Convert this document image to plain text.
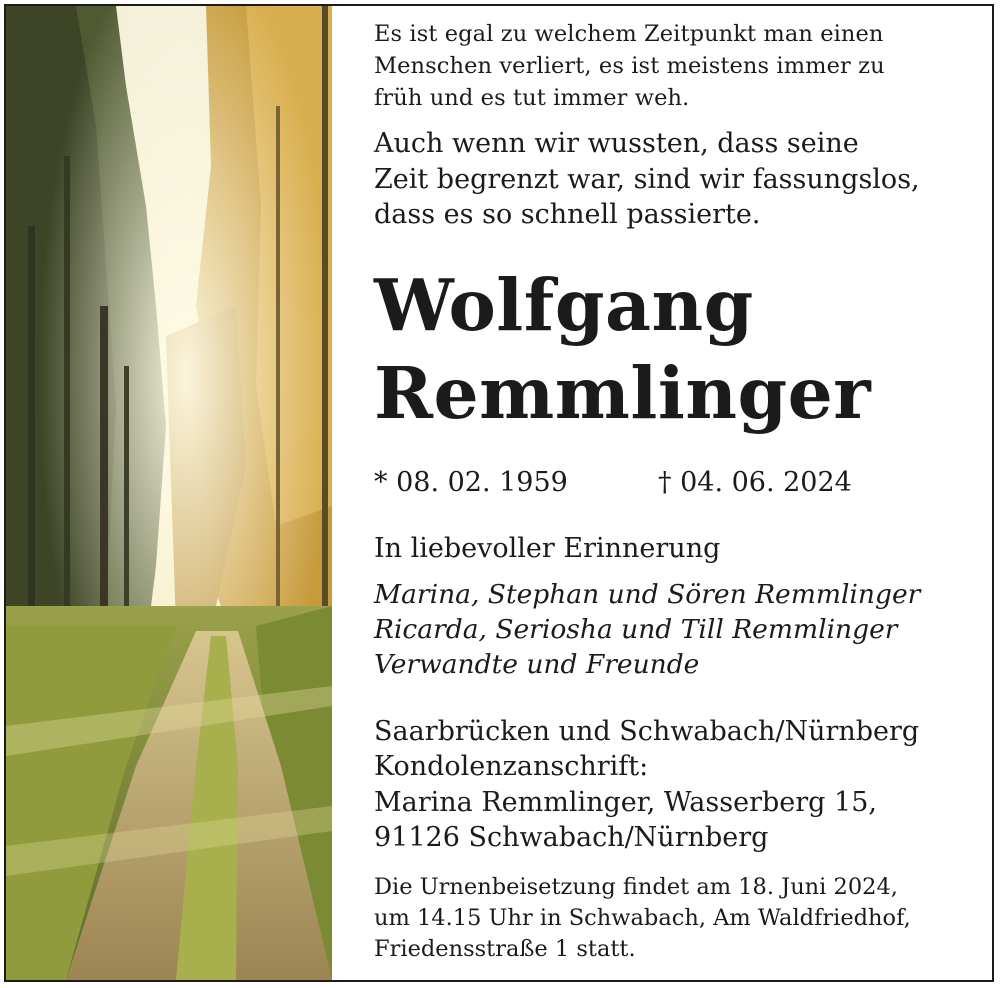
Es ist egal zu welchem Zeitpunkt man einen

Menschen verliert, es ist meistens immer zu

früh und es tut immer weh.

Auch wenn wir wussten, dass seine
Zeit begrenzt war, sind wir fassungslos,
dass es so schnell passierte.
Wolfgang
Remmlinger
* 08. 02. 1959	† 04. 06. 2024
In liebevoller Erinnerung
Marina, Stephan und Sören Remmlinger
Ricarda, Seriosha und Till Remmlinger
Verwandte und Freunde
Saarbrücken und Schwabach/Nürnberg
Kondolenzanschrift:
Marina Remmlinger, Wasserberg 15,
91126 Schwabach/Nürnberg
Die Urnenbeisetzung findet am 18. Juni 2024,
um 14.15 Uhr in Schwabach, Am Waldfriedhof,
Friedensstraße 1 statt.
